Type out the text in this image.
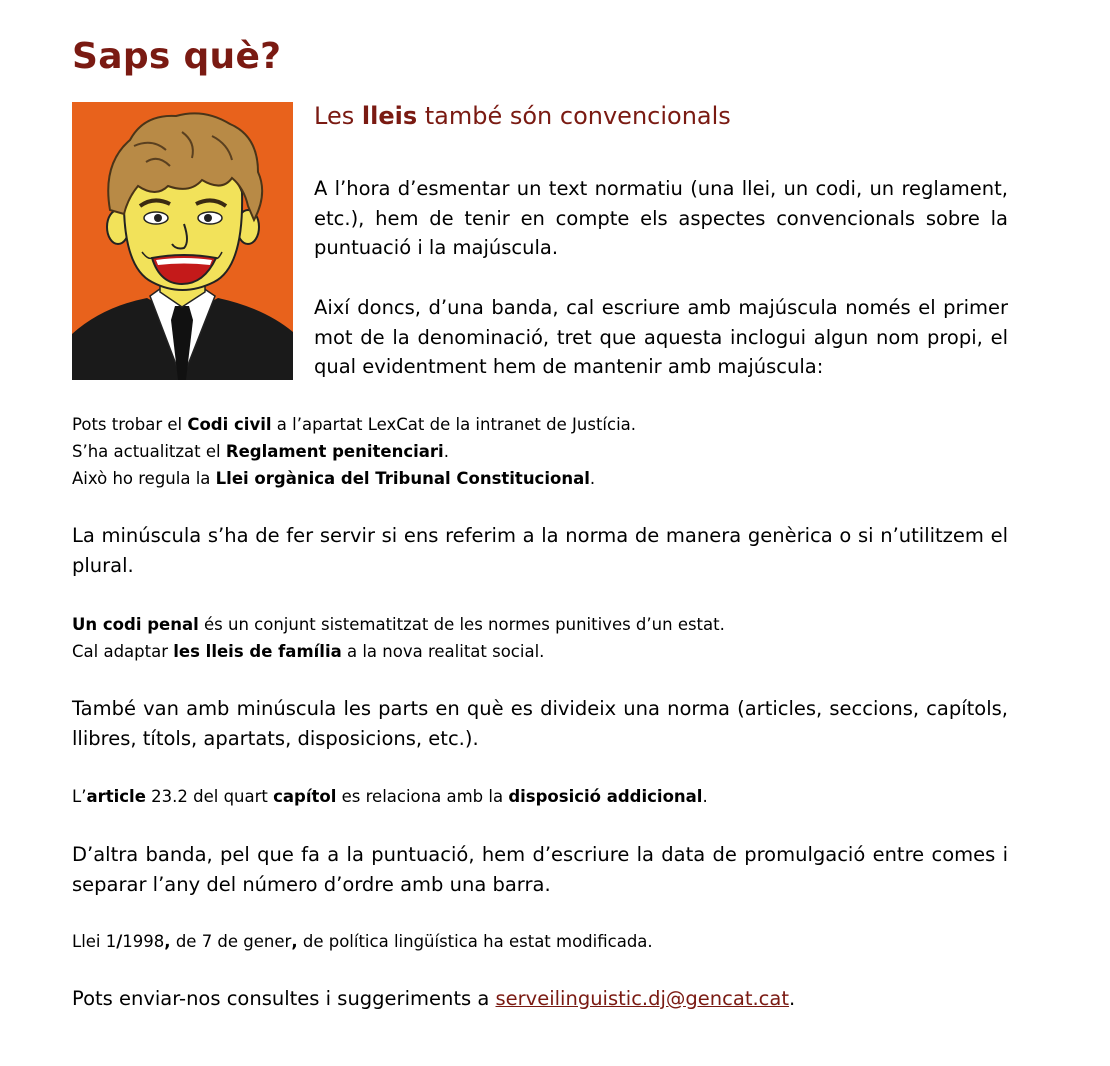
Saps què?
Les lleis també són convencionals

A l’hora d’esmentar un text normatiu (una llei, un codi, un reglament, etc.), hem de tenir en compte els aspectes convencionals sobre la puntuació i la majúscula.

Així doncs, d’una banda, cal escriure amb majúscula només el primer mot de la denominació, tret que aquesta inclogui algun nom propi, el qual evidentment hem de mantenir amb majúscula:

Pots trobar el Codi civil a l’apartat LexCat de la intranet de Justícia.
S’ha actualitzat el Reglament penitenciari.
Això ho regula la Llei orgànica del Tribunal Constitucional.

La minúscula s’ha de fer servir si ens referim a la norma de manera genèrica o si n’utilitzem el plural.

Un codi penal és un conjunt sistematitzat de les normes punitives d’un estat.
Cal adaptar les lleis de família a la nova realitat social.

També van amb minúscula les parts en què es divideix una norma (articles, seccions, capítols, llibres, títols, apartats, disposicions, etc.).

L’article 23.2 del quart capítol es relaciona amb la disposició addicional.

D’altra banda, pel que fa a la puntuació, hem d’escriure la data de promulgació entre comes i separar l’any del número d’ordre amb una barra.

Llei 1/1998, de 7 de gener, de política lingüística ha estat modificada.

Pots enviar-nos consultes i suggeriments a serveilinguistic.dj@gencat.cat.
